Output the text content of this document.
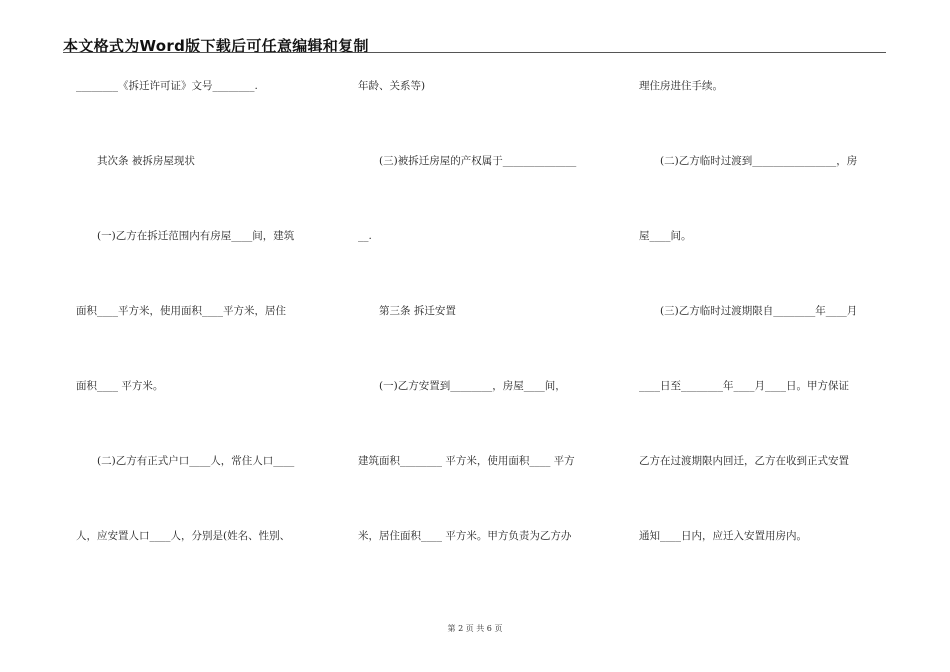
本文格式为Word版下载后可任意编辑和复制
________《拆迁许可证》文号________.
　　其次条 被拆房屋现状
　　(一)乙方在拆迁范围内有房屋____间，建筑
面积____平方米，使用面积____平方米，居住
面积____ 平方米。
　　(二)乙方有正式户口____人，常住人口____
人，应安置人口____人，分别是(姓名、性别、
年龄、关系等)
　　(三)被拆迁房屋的产权属于______________
__.
　　第三条 拆迁安置
　　(一)乙方安置到________，房屋____间，
建筑面积________ 平方米，使用面积____ 平方
米，居住面积____ 平方米。甲方负责为乙方办
理住房进住手续。
　　(二)乙方临时过渡到________________，房
屋____间。
　　(三)乙方临时过渡期限自________年____月
____日至________年____月____日。甲方保证
乙方在过渡期限内回迁，乙方在收到正式安置
通知____日内，应迁入安置用房内。
第 2 页 共 6 页
